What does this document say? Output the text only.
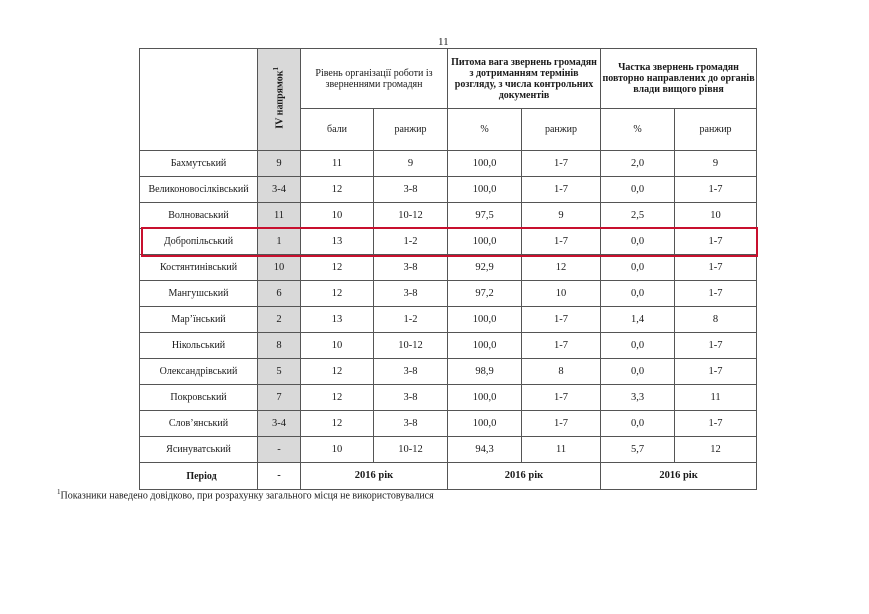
11
	IV напрямок$^1$	Рівень організації роботи із зверненнями громадян		Питома вага звернень громадян з дотриманням термінів розгляду, з числа контрольних документів		Частка звернень громадян повторно направлених до органів влади вищого рівня	
		бали	ранжир	%	ранжир	%	ранжир
Бахмутський	9	11	9	100,0	1-7	2,0	9
Великоновосілківський	3-4	12	3-8	100,0	1-7	0,0	1-7
Волноваський	11	10	10-12	97,5	9	2,5	10
Добропільський	1	13	1-2	100,0	1-7	0,0	1-7
Костянтинівський	10	12	3-8	92,9	12	0,0	1-7
Мангушський	6	12	3-8	97,2	10	0,0	1-7
Мар’їнський	2	13	1-2	100,0	1-7	1,4	8
Нікольський	8	10	10-12	100,0	1-7	0,0	1-7
Олександрівський	5	12	3-8	98,9	8	0,0	1-7
Покровський	7	12	3-8	100,0	1-7	3,3	11
Слов’янський	3-4	12	3-8	100,0	1-7	0,0	1-7
Ясинуватський	-	10	10-12	94,3	11	5,7	12
Період	-	2016 рік		2016 рік		2016 рік	
$^1$Показники наведено довідково, при розрахунку загального місця не використовувалися
